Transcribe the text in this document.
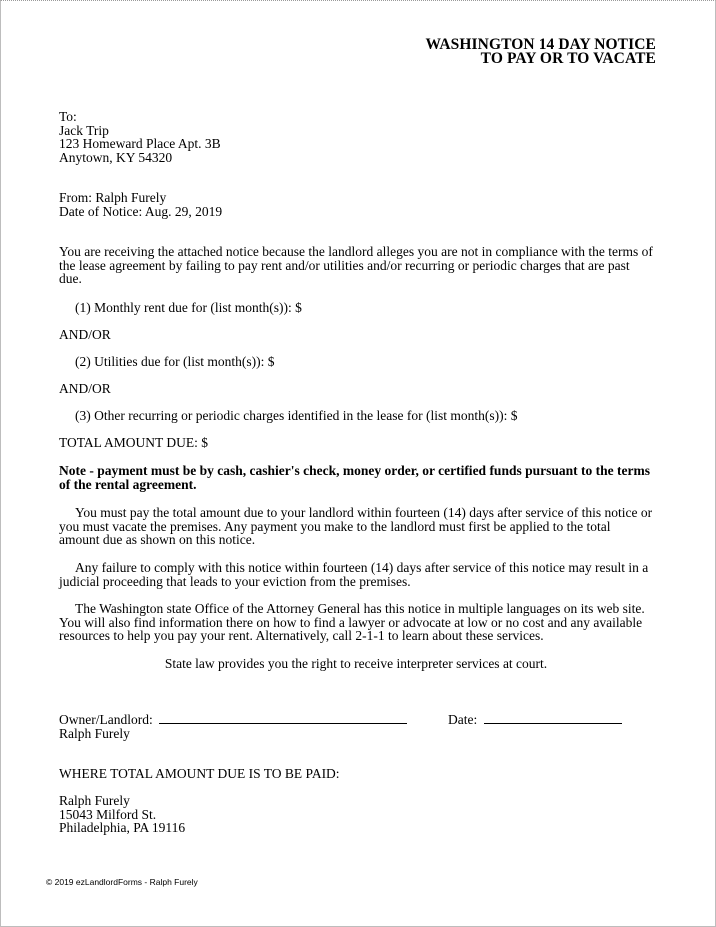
WASHINGTON 14 DAY NOTICE
TO PAY OR TO VACATE
To:
Jack Trip
123 Homeward Place Apt. 3B
Anytown, KY 54320
From: Ralph Furely
Date of Notice: Aug. 29, 2019
You are receiving the attached notice because the landlord alleges you are not in compliance with the terms of the lease agreement by failing to pay rent and/or utilities and/or recurring or periodic charges that are past due.
(1) Monthly rent due for (list month(s)): $
AND/OR
(2) Utilities due for (list month(s)): $
AND/OR
(3) Other recurring or periodic charges identified in the lease for (list month(s)): $
TOTAL AMOUNT DUE: $
Note - payment must be by cash, cashier's check, money order, or certified funds pursuant to the terms of the rental agreement.
You must pay the total amount due to your landlord within fourteen (14) days after service of this notice or you must vacate the premises. Any payment you make to the landlord must first be applied to the total amount due as shown on this notice.
Any failure to comply with this notice within fourteen (14) days after service of this notice may result in a judicial proceeding that leads to your eviction from the premises.
The Washington state Office of the Attorney General has this notice in multiple languages on its web site. You will also find information there on how to find a lawyer or advocate at low or no cost and any available resources to help you pay your rent. Alternatively, call 2-1-1 to learn about these services.
State law provides you the right to receive interpreter services at court.
Owner/Landlord:
Ralph Furely
Date:
WHERE TOTAL AMOUNT DUE IS TO BE PAID:
Ralph Furely
15043 Milford St.
Philadelphia, PA 19116
© 2019 ezLandlordForms - Ralph Furely
